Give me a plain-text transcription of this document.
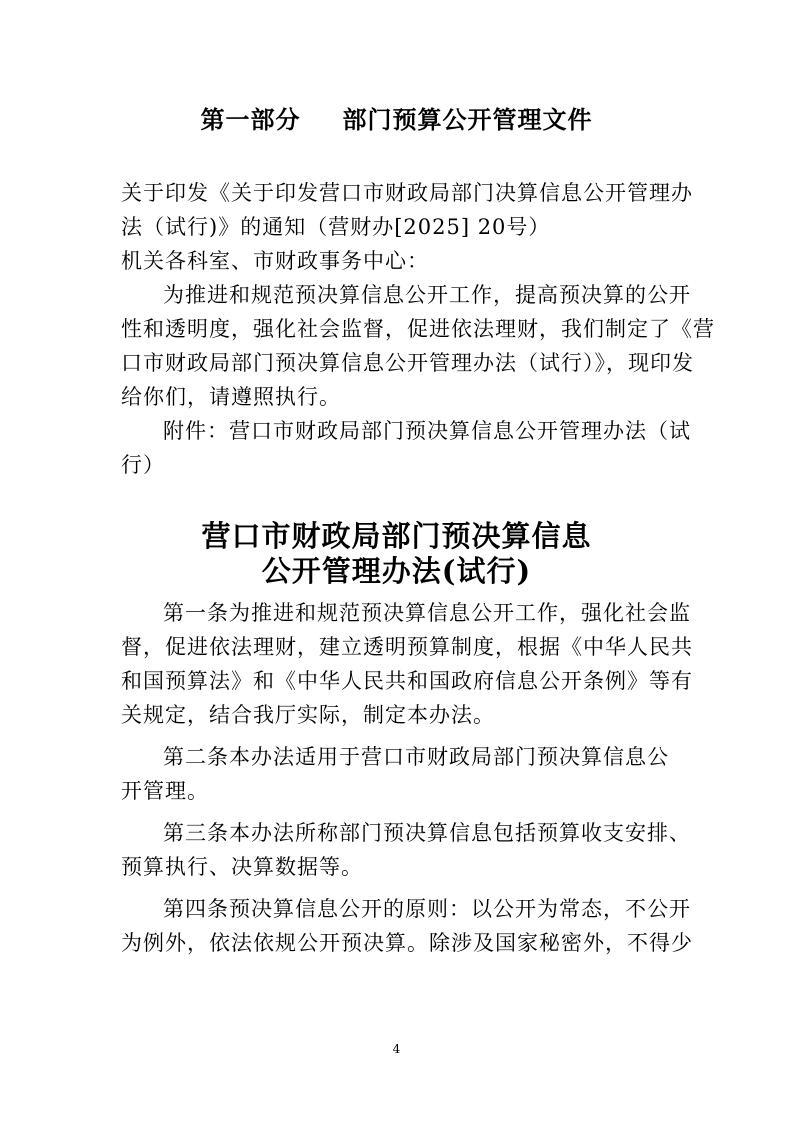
第一部分 部门预算公开管理文件
关于印发《关于印发营口市财政局部门决算信息公开管理办
法（试行)》的通知（营财办[2025] 20号）
机关各科室、市财政事务中心：
为推进和规范预决算信息公开工作，提高预决算的公开
性和透明度，强化社会监督，促进依法理财，我们制定了《营
口市财政局部门预决算信息公开管理办法（试行）》，现印发
给你们，请遵照执行。
附件：营口市财政局部门预决算信息公开管理办法（试
行）
营口市财政局部门预决算信息
公开管理办法(试行)
第一条为推进和规范预决算信息公开工作，强化社会监
督，促进依法理财，建立透明预算制度，根据《中华人民共
和国预算法》和《中华人民共和国政府信息公开条例》等有
关规定，结合我厅实际，制定本办法。
第二条本办法适用于营口市财政局部门预决算信息公
开管理。
第三条本办法所称部门预决算信息包括预算收支安排、
预算执行、决算数据等。
第四条预决算信息公开的原则：以公开为常态，不公开
为例外，依法依规公开预决算。除涉及国家秘密外，不得少
4
